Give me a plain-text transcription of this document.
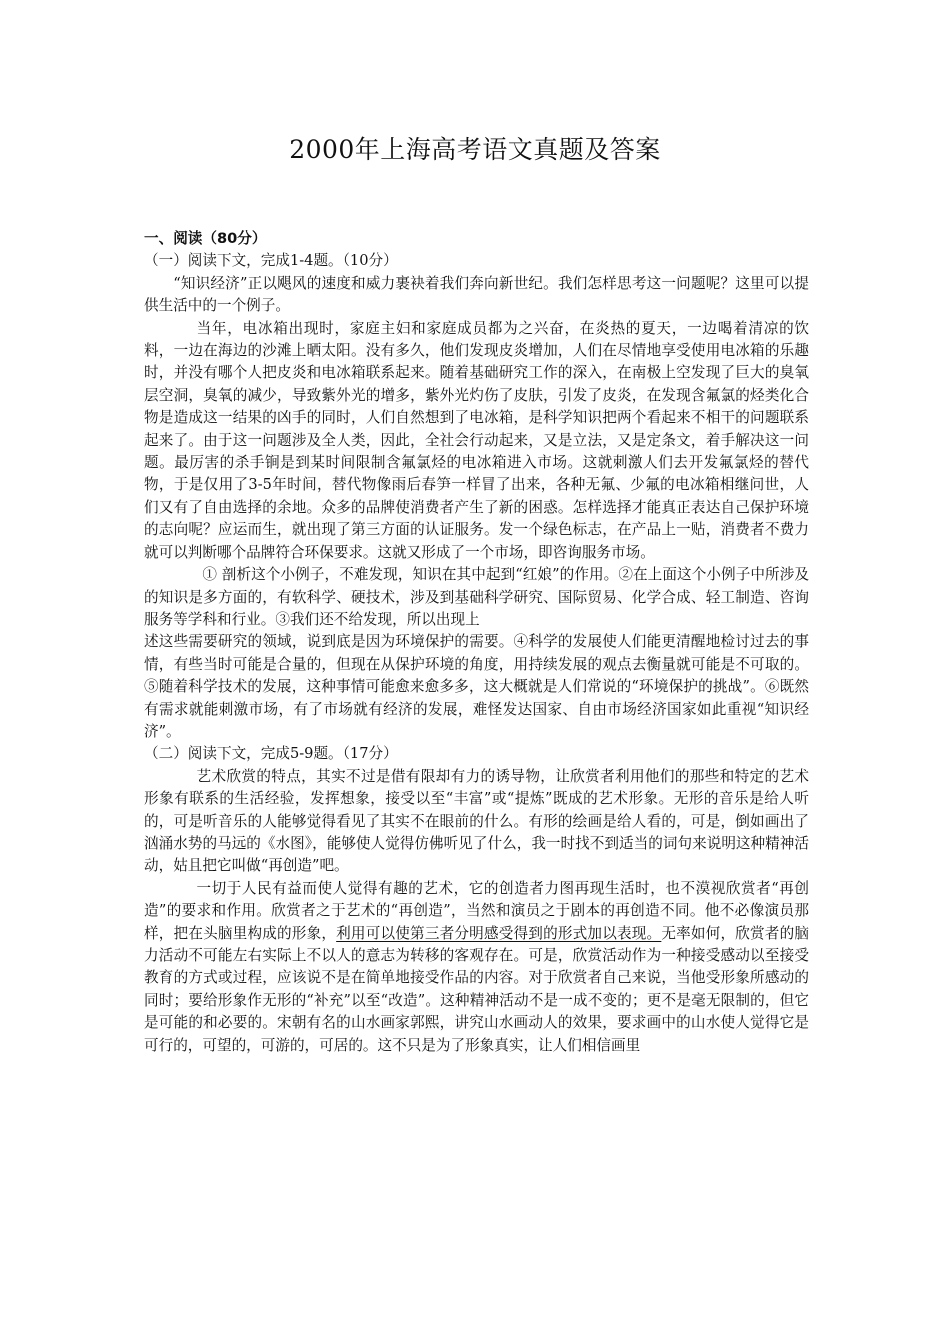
2000年上海高考语文真题及答案

一、阅读（80分）

（一）阅读下文，完成1-4题。（10分）

“知识经济”正以飓风的速度和威力裹袂着我们奔向新世纪。我们怎样思考这一问题呢？这里可以提供生活中的一个例子。

当年，电冰箱出现时，家庭主妇和家庭成员都为之兴奋，在炎热的夏天，一边喝着清凉的饮料，一边在海边的沙滩上晒太阳。没有多久，他们发现皮炎增加，人们在尽情地享受使用电冰箱的乐趣时，并没有哪个人把皮炎和电冰箱联系起来。随着基础研究工作的深入，在南极上空发现了巨大的臭氧层空洞，臭氧的减少，导致紫外光的增多，紫外光灼伤了皮肤，引发了皮炎，在发现含氟氯的烃类化合物是造成这一结果的凶手的同时，人们自然想到了电冰箱，是科学知识把两个看起来不相干的问题联系起来了。由于这一问题涉及全人类，因此，全社会行动起来，又是立法，又是定条文，着手解决这一问题。最厉害的杀手锏是到某时间限制含氟氯烃的电冰箱进入市场。这就刺激人们去开发氟氯烃的替代物，于是仅用了3-5年时间，替代物像雨后春笋一样冒了出来，各种无氟、少氟的电冰箱相继问世，人们又有了自由选择的余地。众多的品牌使消费者产生了新的困惑。怎样选择才能真正表达自己保护环境的志向呢？应运而生，就出现了第三方面的认证服务。发一个绿色标志，在产品上一贴，消费者不费力就可以判断哪个品牌符合环保要求。这就又形成了一个市场，即咨询服务市场。

① 剖析这个小例子，不难发现，知识在其中起到“红娘”的作用。②在上面这个小例子中所涉及的知识是多方面的，有软科学、硬技术，涉及到基础科学研究、国际贸易、化学合成、轻工制造、咨询服务等学科和行业。③我们还不给发现，所以出现上

述这些需要研究的领域，说到底是因为环境保护的需要。④科学的发展使人们能更清醒地检讨过去的事情，有些当时可能是合量的，但现在从保护环境的角度，用持续发展的观点去衡量就可能是不可取的。⑤随着科学技术的发展，这种事情可能愈来愈多多，这大概就是人们常说的“环境保护的挑战”。⑥既然有需求就能刺激市场，有了市场就有经济的发展，难怪发达国家、自由市场经济国家如此重视“知识经济”。

（二）阅读下文，完成5-9题。（17分）

艺术欣赏的特点，其实不过是借有限却有力的诱导物，让欣赏者利用他们的那些和特定的艺术形象有联系的生活经验，发挥想象，接受以至“丰富”或“提炼”既成的艺术形象。无形的音乐是给人听的，可是听音乐的人能够觉得看见了其实不在眼前的什么。有形的绘画是给人看的，可是，倒如画出了汹涌水势的马远的《水图》，能够使人觉得仿佛听见了什么，我一时找不到适当的词句来说明这种精神活动，姑且把它叫做“再创造”吧。

一切于人民有益而使人觉得有趣的艺术，它的创造者力图再现生活时，也不漠视欣赏者“再创造”的要求和作用。欣赏者之于艺术的“再创造”，当然和演员之于剧本的再创造不同。他不必像演员那样，把在头脑里构成的形象，利用可以使第三者分明感受得到的形式加以表现。无率如何，欣赏者的脑力活动不可能左右实际上不以人的意志为转移的客观存在。可是，欣赏活动作为一种接受感动以至接受教育的方式或过程，应该说不是在简单地接受作品的内容。对于欣赏者自己来说，当他受形象所感动的同时；要给形象作无形的“补充”以至“改造”。这种精神活动不是一成不变的；更不是毫无限制的，但它是可能的和必要的。宋朝有名的山水画家郭熙，讲究山水画动人的效果，要求画中的山水使人觉得它是可行的，可望的，可游的，可居的。这不只是为了形象真实，让人们相信画里
